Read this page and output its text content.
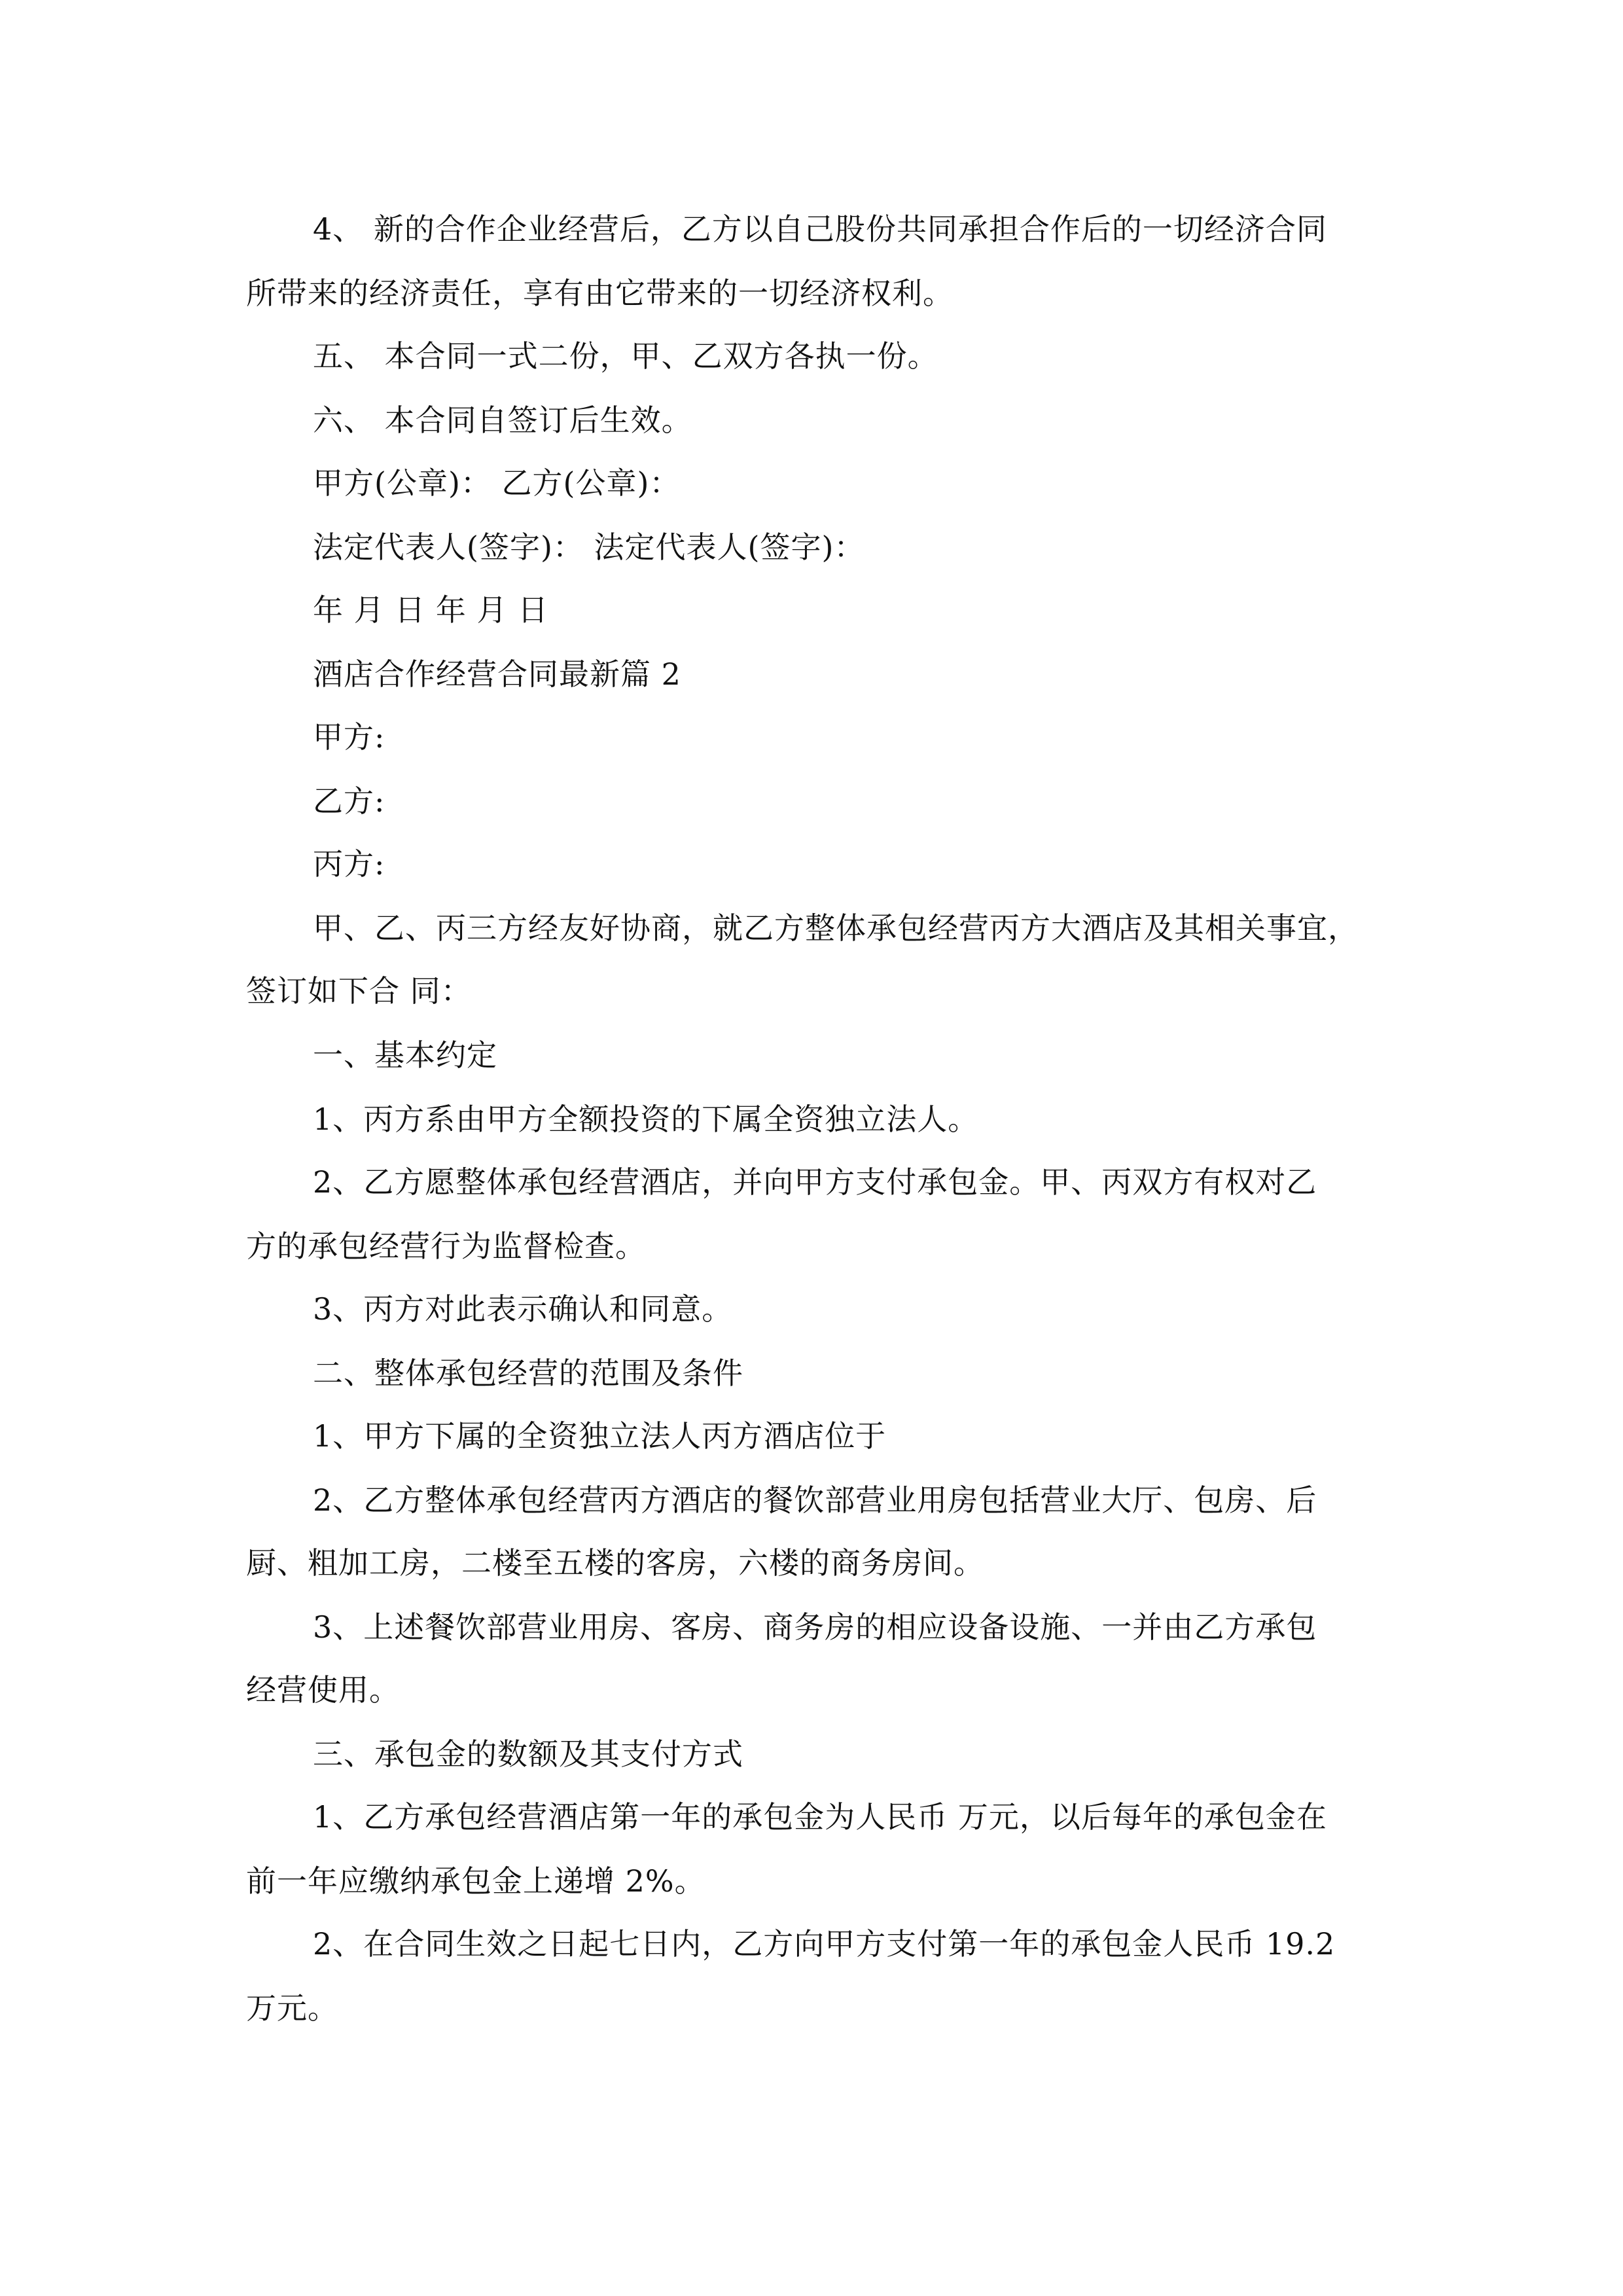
4、 新的合作企业经营后，乙方以自己股份共同承担合作后的一切经济合同
所带来的经济责任，享有由它带来的一切经济权利。
五、 本合同一式二份，甲、乙双方各执一份。
六、 本合同自签订后生效。
甲方(公章)： 乙方(公章)：
法定代表人(签字)： 法定代表人(签字)：
年 月 日 年 月 日
酒店合作经营合同最新篇 2
甲方:
乙方:
丙方:
甲、乙、丙三方经友好协商，就乙方整体承包经营丙方大酒店及其相关事宜，
签订如下合 同：
一、基本约定
1、丙方系由甲方全额投资的下属全资独立法人。
2、乙方愿整体承包经营酒店，并向甲方支付承包金。甲、丙双方有权对乙
方的承包经营行为监督检查。
3、丙方对此表示确认和同意。
二、整体承包经营的范围及条件
1、甲方下属的全资独立法人丙方酒店位于
2、乙方整体承包经营丙方酒店的餐饮部营业用房包括营业大厅、包房、后
厨、粗加工房，二楼至五楼的客房，六楼的商务房间。
3、上述餐饮部营业用房、客房、商务房的相应设备设施、一并由乙方承包
经营使用。
三、承包金的数额及其支付方式
1、乙方承包经营酒店第一年的承包金为人民币 万元，以后每年的承包金在
前一年应缴纳承包金上递增 2%。
2、在合同生效之日起七日内，乙方向甲方支付第一年的承包金人民币 19.2
万元。
